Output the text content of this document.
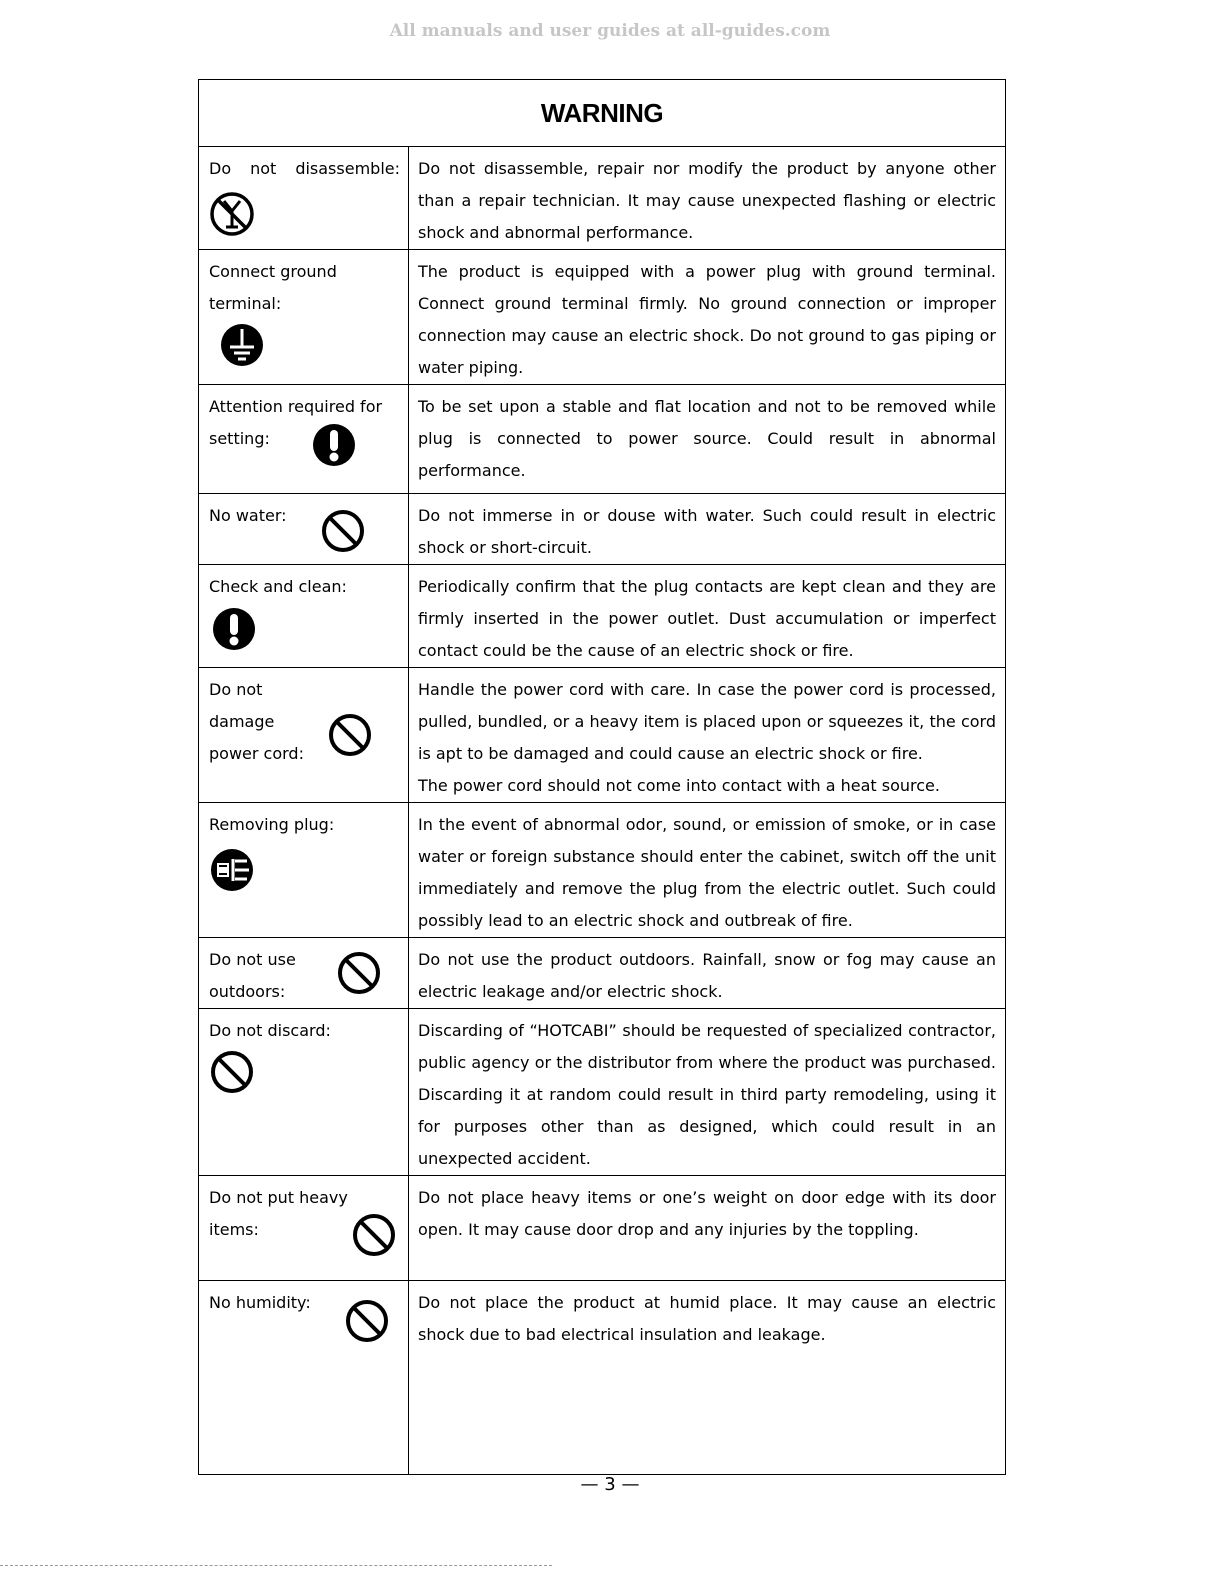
All manuals and user guides at all-guides.com
WARNING	

Do not disassemble:	Do not disassemble, repair nor modify the product by anyone other than a repair technician. It may cause unexpected flashing or electric shock and abnormal performance.

Connect ground terminal:	The product is equipped with a power plug with ground terminal. Connect ground terminal firmly. No ground connection or improper connection may cause an electric shock. Do not ground to gas piping or water piping.

Attention required for setting:	To be set upon a stable and flat location and not to be removed while plug is connected to power source. Could result in abnormal performance.

No water:	Do not immerse in or douse with water. Such could result in electric shock or short-circuit.

Check and clean:	Periodically confirm that the plug contacts are kept clean and they are firmly inserted in the power outlet. Dust accumulation or imperfect contact could be the cause of an electric shock or fire.

Do not damage power cord:	Handle the power cord with care. In case the power cord is processed, pulled, bundled, or a heavy item is placed upon or squeezes it, the cord is apt to be damaged and could cause an electric shock or fire.
The power cord should not come into contact with a heat source.

Removing plug:	In the event of abnormal odor, sound, or emission of smoke, or in case water or foreign substance should enter the cabinet, switch off the unit immediately and remove the plug from the electric outlet. Such could possibly lead to an electric shock and outbreak of fire.

Do not use outdoors:	Do not use the product outdoors. Rainfall, snow or fog may cause an electric leakage and/or electric shock.

Do not discard:	Discarding of “HOTCABI” should be requested of specialized contractor, public agency or the distributor from where the product was purchased. Discarding it at random could result in third party remodeling, using it for purposes other than as designed, which could result in an unexpected accident.

Do not put heavy items:	Do not place heavy items or one’s weight on door edge with its door open. It may cause door drop and any injuries by the toppling.

No humidity:	Do not place the product at humid place. It may cause an electric shock due to bad electrical insulation and leakage.
— 3 —
